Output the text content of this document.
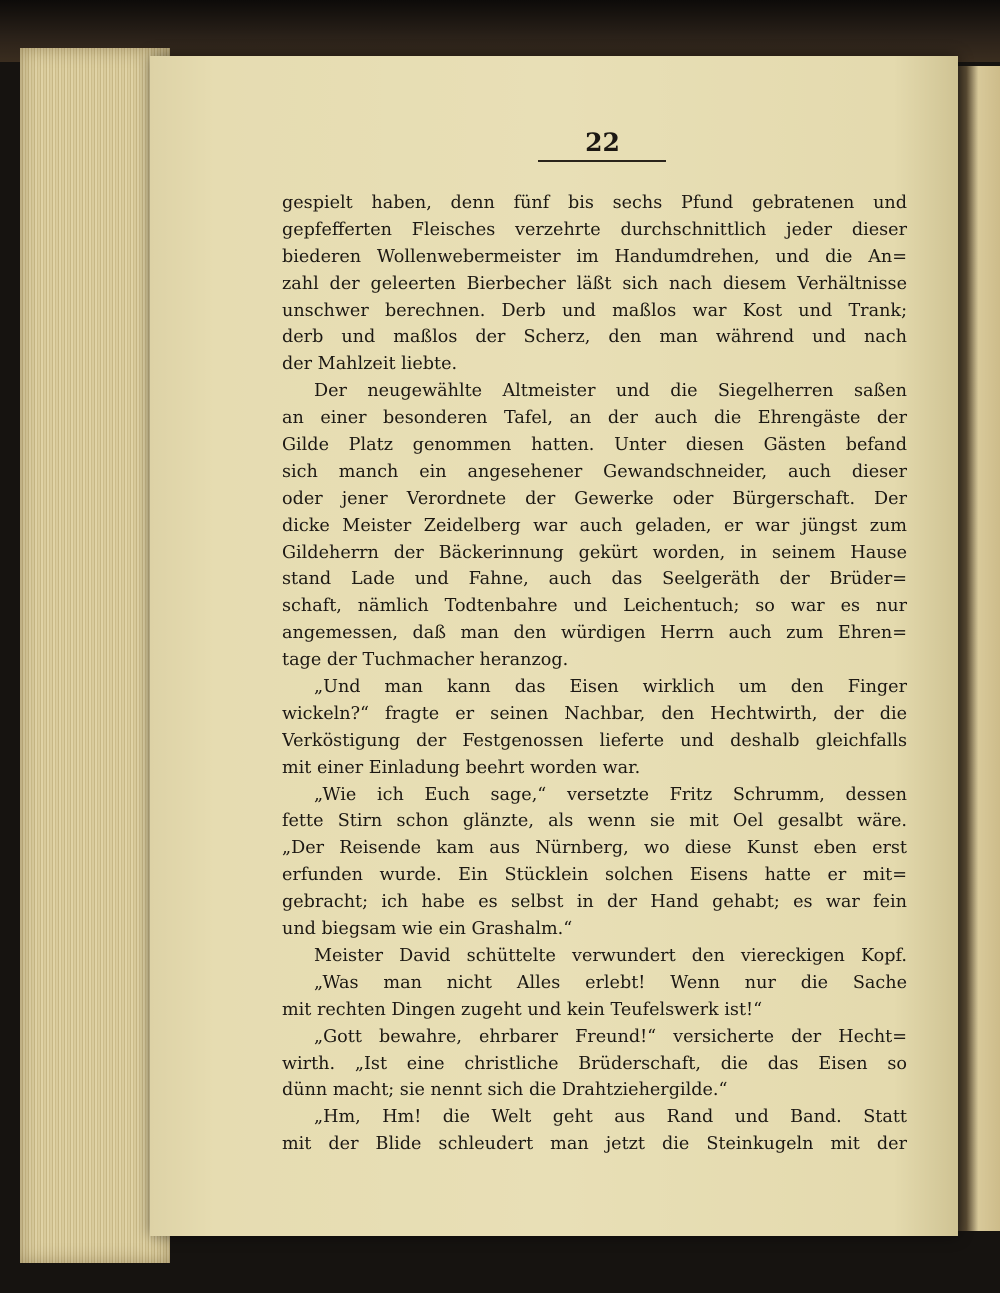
22
gespielt haben, denn fünf bis sechs Pfund gebratenen und
gepfefferten Fleisches verzehrte durchschnittlich jeder dieser
biederen Wollenwebermeister im Handumdrehen, und die An=
zahl der geleerten Bierbecher läßt sich nach diesem Verhältnisse
unschwer berechnen. Derb und maßlos war Kost und Trank;
derb und maßlos der Scherz, den man während und nach
der Mahlzeit liebte.
Der neugewählte Altmeister und die Siegelherren saßen
an einer besonderen Tafel, an der auch die Ehrengäste der
Gilde Platz genommen hatten. Unter diesen Gästen befand
sich manch ein angesehener Gewandschneider, auch dieser
oder jener Verordnete der Gewerke oder Bürgerschaft. Der
dicke Meister Zeidelberg war auch geladen, er war jüngst zum
Gildeherrn der Bäckerinnung gekürt worden, in seinem Hause
stand Lade und Fahne, auch das Seelgeräth der Brüder=
schaft, nämlich Todtenbahre und Leichentuch; so war es nur
angemessen, daß man den würdigen Herrn auch zum Ehren=
tage der Tuchmacher heranzog.
„Und man kann das Eisen wirklich um den Finger
wickeln?“ fragte er seinen Nachbar, den Hechtwirth, der die
Verköstigung der Festgenossen lieferte und deshalb gleichfalls
mit einer Einladung beehrt worden war.
„Wie ich Euch sage,“ versetzte Fritz Schrumm, dessen
fette Stirn schon glänzte, als wenn sie mit Oel gesalbt wäre.
„Der Reisende kam aus Nürnberg, wo diese Kunst eben erst
erfunden wurde. Ein Stücklein solchen Eisens hatte er mit=
gebracht; ich habe es selbst in der Hand gehabt; es war fein
und biegsam wie ein Grashalm.“
Meister David schüttelte verwundert den viereckigen Kopf.
„Was man nicht Alles erlebt! Wenn nur die Sache
mit rechten Dingen zugeht und kein Teufelswerk ist!“
„Gott bewahre, ehrbarer Freund!“ versicherte der Hecht=
wirth. „Ist eine christliche Brüderschaft, die das Eisen so
dünn macht; sie nennt sich die Drahtziehergilde.“
„Hm, Hm! die Welt geht aus Rand und Band. Statt
mit der Blide schleudert man jetzt die Steinkugeln mit der
